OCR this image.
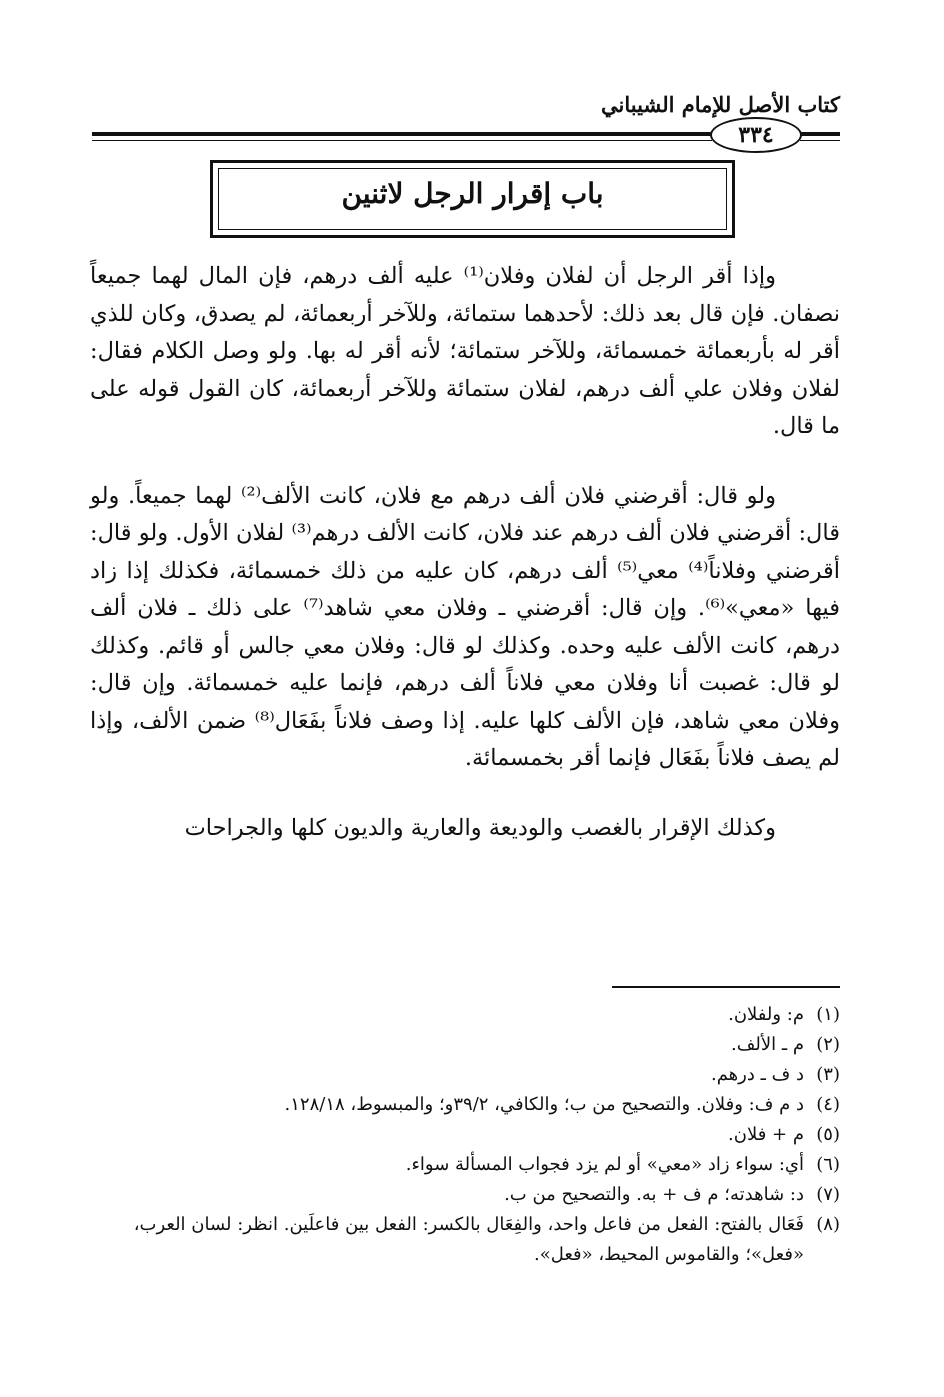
كتاب الأصل للإمام الشيباني
٣٣٤
باب إقرار الرجل لاثنين

وإذا أقر الرجل أن لفلان وفلان⁽¹⁾ عليه ألف درهم، فإن المال لهما جميعاً نصفان. فإن قال بعد ذلك: لأحدهما ستمائة، وللآخر أربعمائة، لم يصدق، وكان للذي أقر له بأربعمائة خمسمائة، وللآخر ستمائة؛ لأنه أقر له بها. ولو وصل الكلام فقال: لفلان وفلان علي ألف درهم، لفلان ستمائة وللآخر أربعمائة، كان القول قوله على ما قال.

ولو قال: أقرضني فلان ألف درهم مع فلان، كانت الألف⁽²⁾ لهما جميعاً. ولو قال: أقرضني فلان ألف درهم عند فلان، كانت الألف درهم⁽³⁾ لفلان الأول. ولو قال: أقرضني وفلاناً⁽⁴⁾ معي⁽⁵⁾ ألف درهم، كان عليه من ذلك خمسمائة، فكذلك إذا زاد فيها «معي»⁽⁶⁾. وإن قال: أقرضني ـ وفلان معي شاهد⁽⁷⁾ على ذلك ـ فلان ألف درهم، كانت الألف عليه وحده. وكذلك لو قال: وفلان معي جالس أو قائم. وكذلك لو قال: غصبت أنا وفلان معي فلاناً ألف درهم، فإنما عليه خمسمائة. وإن قال: وفلان معي شاهد، فإن الألف كلها عليه. إذا وصف فلاناً بفَعَال⁽⁸⁾ ضمن الألف، وإذا لم يصف فلاناً بفَعَال فإنما أقر بخمسمائة.

وكذلك الإقرار بالغصب والوديعة والعارية والديون كلها والجراحات

(١)
م: ولفلان.
(٢)
م ـ الألف.
(٣)
د ف ـ درهم.
(٤)
د م ف: وفلان. والتصحيح من ب؛ والكافي، ٣٩/٢و؛ والمبسوط، ١٢٨/١٨.
(٥)
م + فلان.
(٦)
أي: سواء زاد «معي» أو لم يزد فجواب المسألة سواء.
(٧)
د: شاهدته؛ م ف + به. والتصحيح من ب.
(٨)
فَعَال بالفتح: الفعل من فاعل واحد، والفِعَال بالكسر: الفعل بين فاعلَين. انظر: لسان العرب، «فعل»؛ والقاموس المحيط، «فعل».
